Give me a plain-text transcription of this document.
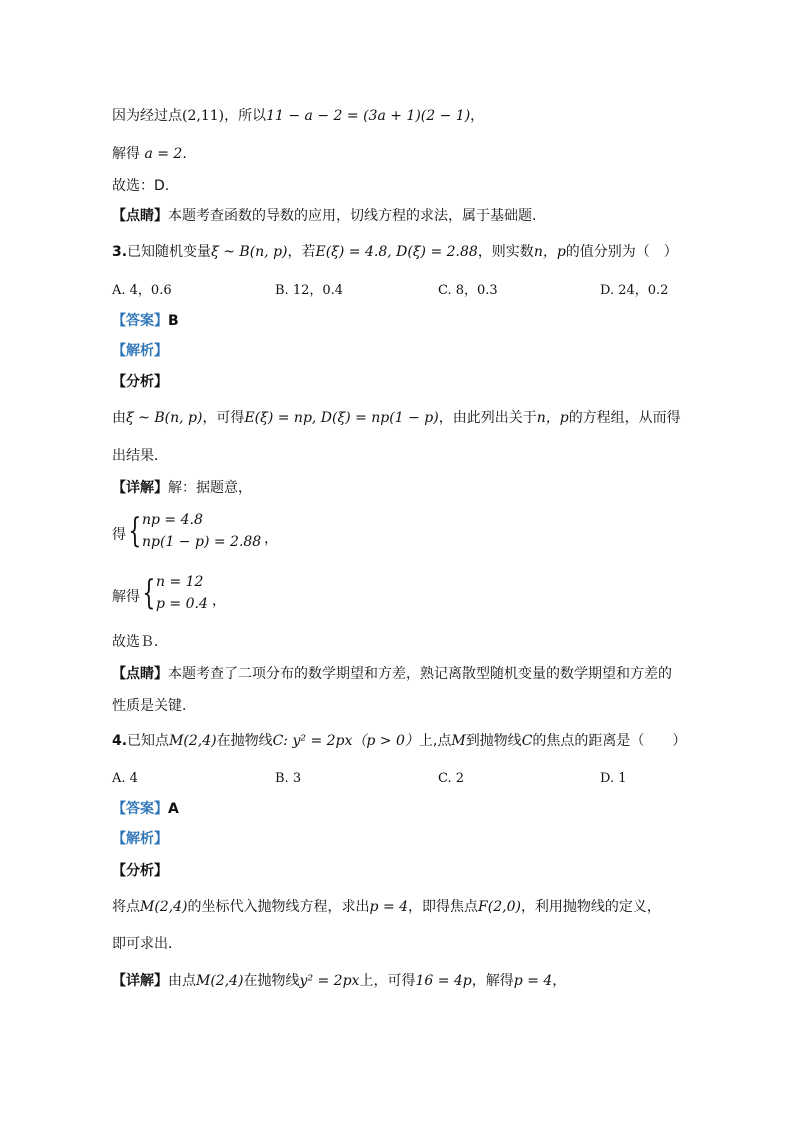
因为经过点(2,11)，所以11 − a − 2 = (3a + 1)(2 − 1)，
解得 a = 2.
故选：D.
【点睛】本题考查函数的导数的应用，切线方程的求法，属于基础题.
3.已知随机变量ξ ~ B(n, p)，若E(ξ) = 4.8, D(ξ) = 2.88，则实数n，p的值分别为（　）
A. 4，0.6	B. 12，0.4	C. 8，0.3	D. 24，0.2
【答案】B
【解析】
【分析】
由ξ ~ B(n, p)，可得E(ξ) = np, D(ξ) = np(1 − p)，由此列出关于n，p的方程组，从而得
出结果．
【详解】解：据题意，
得 { np = 4.8
np(1 − p) = 2.88 ，
解得 { n = 12
p = 0.4 ，
故选Ｂ．
【点睛】本题考查了二项分布的数学期望和方差，熟记离散型随机变量的数学期望和方差的
性质是关键．
4.已知点M(2,4)在抛物线C: y² = 2px（p > 0）上,点M到抛物线C的焦点的距离是（　　）
A. 4	B. 3	C. 2	D. 1
【答案】A
【解析】
【分析】
将点M(2,4)的坐标代入抛物线方程，求出p = 4，即得焦点F(2,0)，利用抛物线的定义，
即可求出．
【详解】由点M(2,4)在抛物线y² = 2px上，可得16 = 4p，解得p = 4，
